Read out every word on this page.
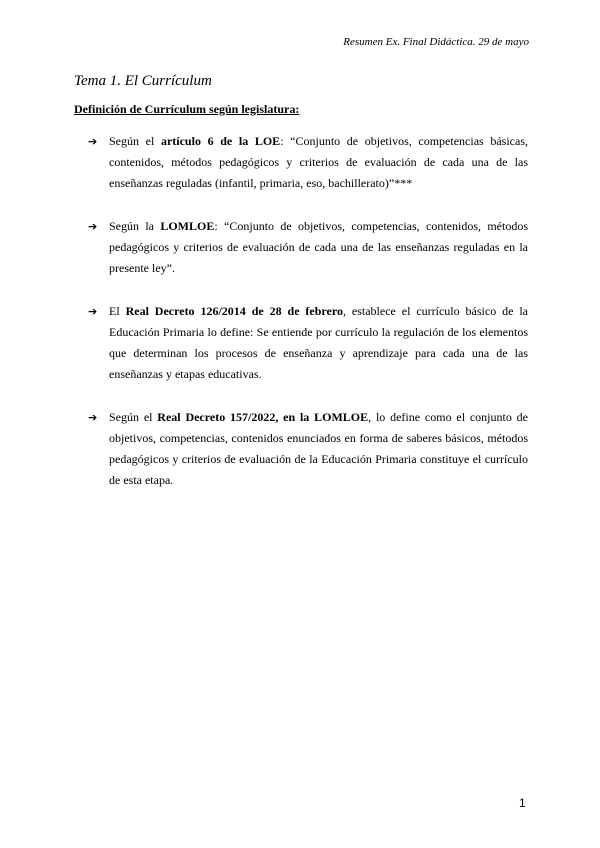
Resumen Ex. Final Didáctica. 29 de mayo
Tema 1. El Currículum
Definición de Currículum según legislatura:
➔ Según el artículo 6 de la LOE: “Conjunto de objetivos, competencias básicas, contenidos, métodos pedagógicos y criterios de evaluación de cada una de las enseñanzas reguladas (infantil, primaria, eso, bachillerato)”***
➔ Según la LOMLOE: “Conjunto de objetivos, competencias, contenidos, métodos pedagógicos y criterios de evaluación de cada una de las enseñanzas reguladas en la presente ley”.
➔ El Real Decreto 126/2014 de 28 de febrero, establece el currículo básico de la Educación Primaria lo define: Se entiende por currículo la regulación de los elementos que determinan los procesos de enseñanza y aprendizaje para cada una de las enseñanzas y etapas educativas.
➔ Según el Real Decreto 157/2022, en la LOMLOE, lo define como el conjunto de objetivos, competencias, contenidos enunciados en forma de saberes básicos, métodos pedagógicos y criterios de evaluación de la Educación Primaria constituye el currículo de esta etapa.
1
